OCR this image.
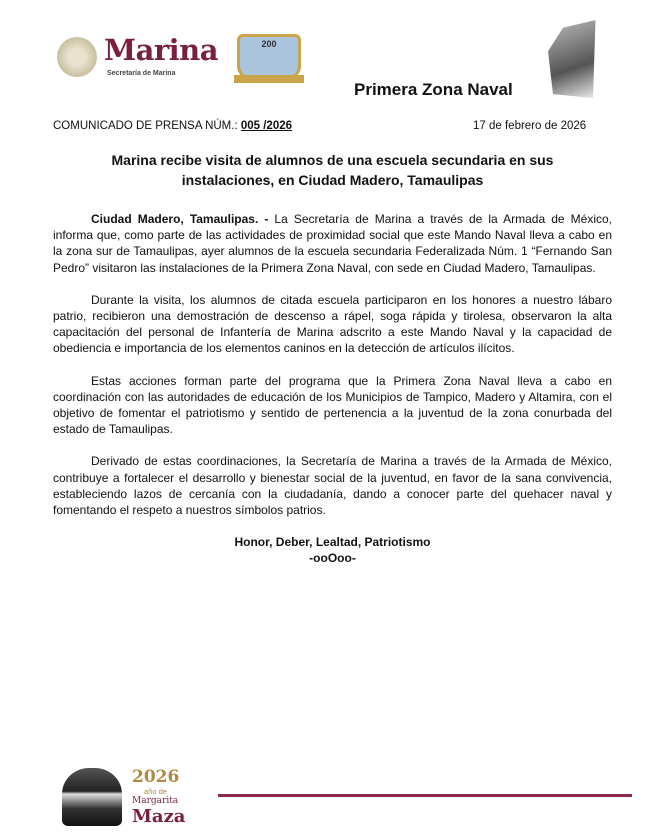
Marina
Secretaría de Marina
200
Primera Zona Naval
COMUNICADO DE PRENSA NÚM.: 005 /2026	17 de febrero de 2026
Marina recibe visita de alumnos de una escuela secundaria en sus instalaciones, en Ciudad Madero, Tamaulipas

Ciudad Madero, Tamaulipas. - La Secretaría de Marina a través de la Armada de México, informa que, como parte de las actividades de proximidad social que este Mando Naval lleva a cabo en la zona sur de Tamaulipas, ayer alumnos de la escuela secundaria Federalizada Núm. 1 “Fernando San Pedro” visitaron las instalaciones de la Primera Zona Naval, con sede en Ciudad Madero, Tamaulipas.

Durante la visita, los alumnos de citada escuela participaron en los honores a nuestro lábaro patrio, recibieron una demostración de descenso a rápel, soga rápida y tirolesa, observaron la alta capacitación del personal de Infantería de Marina adscrito a este Mando Naval y la capacidad de obediencia e importancia de los elementos caninos en la detección de artículos ilícitos.

Estas acciones forman parte del programa que la Primera Zona Naval lleva a cabo en coordinación con las autoridades de educación de los Municipios de Tampico, Madero y Altamira, con el objetivo de fomentar el patriotismo y sentido de pertenencia a la juventud de la zona conurbada del estado de Tamaulipas.

Derivado de estas coordinaciones, la Secretaría de Marina a través de la Armada de México, contribuye a fortalecer el desarrollo y bienestar social de la juventud, en favor de la sana convivencia, estableciendo lazos de cercanía con la ciudadanía, dando a conocer parte del quehacer naval y fomentando el respeto a nuestros símbolos patrios.

Honor, Deber, Lealtad, Patriotismo
-ooOoo-
2026
año de
Margarita
Maza
